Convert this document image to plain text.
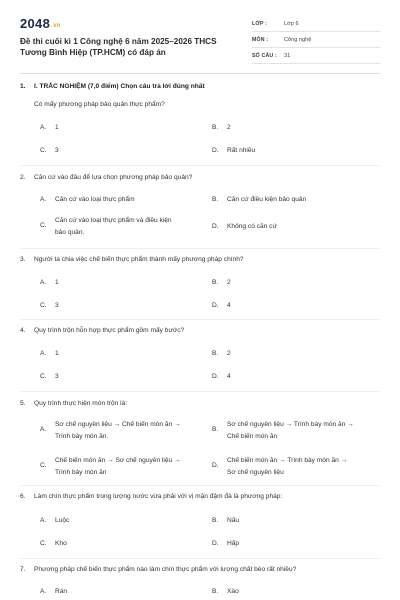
2048.vn
Đề thi cuối kì 1 Công nghệ 6 năm 2025–2026 THCS Tương Bình Hiệp (TP.HCM) có đáp án
LỚP :	Lớp 6
MÔN :	Công nghệ
SỐ CÂU :	31
1. I. TRẮC NGHIỆM (7,0 điểm) Chọn câu trả lời đúng nhất
Có mấy phương pháp bảo quản thực phẩm?
A. 1	B. 2
C. 3	D. Rất nhiều
2. Căn cứ vào đâu để lựa chọn phương pháp bảo quản?
A. Căn cứ vào loại thực phẩm	B. Căn cứ điều kiện bảo quản
C.
Căn cứ vào loại thực phẩm và điều kiện
bảo quản.
D. Không có căn cứ
3. Người ta chia việc chế biến thực phẩm thành mấy phương pháp chính?
A. 1	B. 2
C. 3	D. 4
4. Quy trình trộn hỗn hợp thực phẩm gồm mấy bước?
A. 1	B. 2
C. 3	D. 4
5. Quy trình thực hiện món trộn là:
A.
Sơ chế nguyên liệu → Chế biến món ăn →
Trình bày món ăn.
B.
Sơ chế nguyên liệu → Trình bày món ăn →
Chế biến món ăn
C.
Chế biến món ăn → Sơ chế nguyên liệu →
Trình bày món ăn
D.
Chế biến món ăn → Trình bày món ăn →
Sơ chế nguyên liệu
6. Làm chín thực phẩm trong lượng nước vừa phải với vị mặn đậm đà là phương pháp:
A. Luộc	B. Nấu
C. Kho	D. Hấp
7. Phương pháp chế biến thực phẩm nào làm chín thực phẩm với lượng chất béo rất nhiều?
A. Rán	B. Xào
